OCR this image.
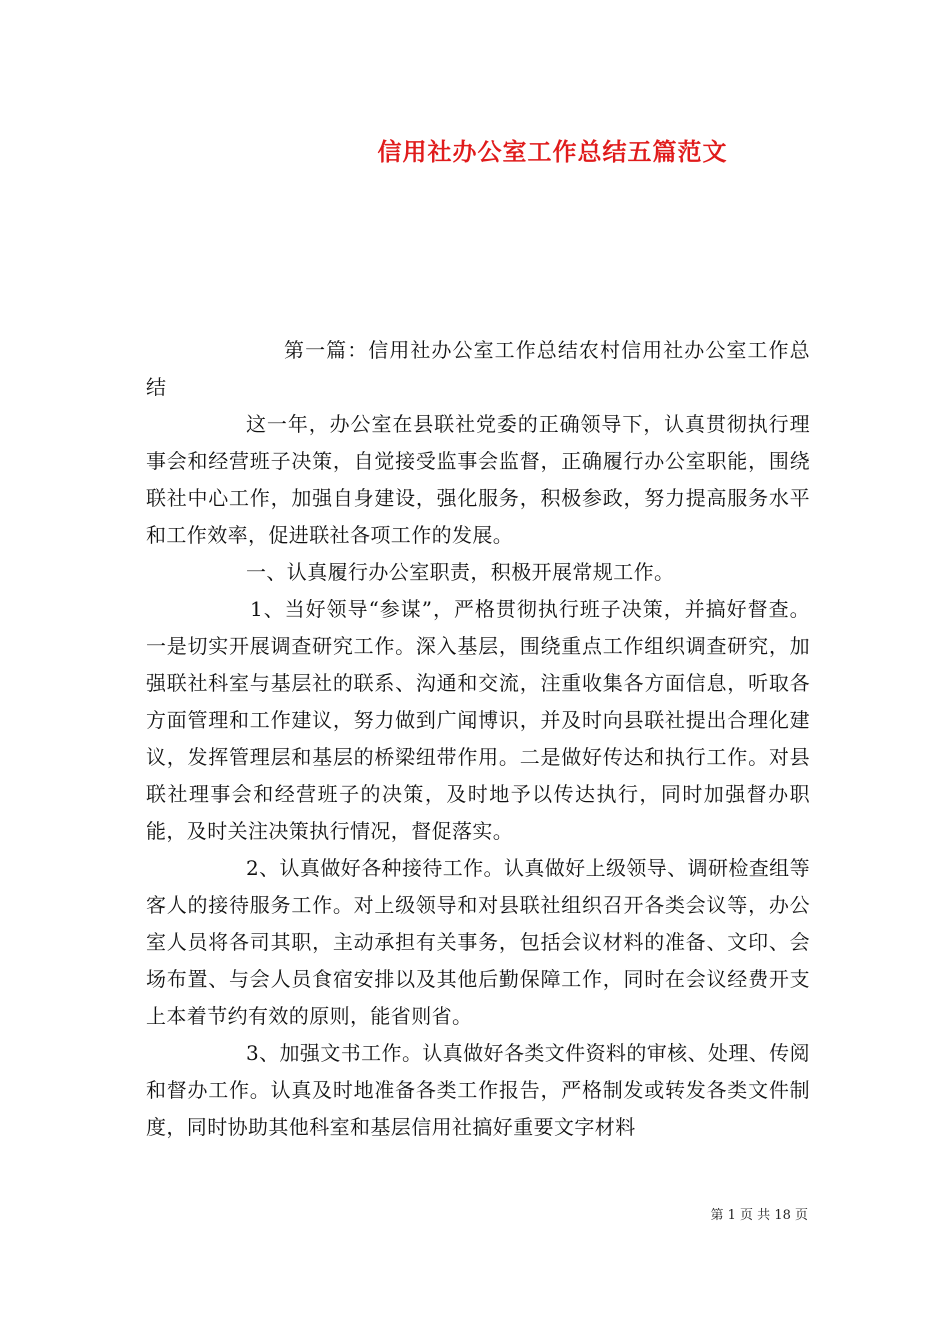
信用社办公室工作总结五篇范文

第一篇：信用社办公室工作总结农村信用社办公室工作总结

这一年，办公室在县联社党委的正确领导下，认真贯彻执行理事会和经营班子决策，自觉接受监事会监督，正确履行办公室职能，围绕联社中心工作，加强自身建设，强化服务，积极参政，努力提高服务水平和工作效率，促进联社各项工作的发展。

一、认真履行办公室职责，积极开展常规工作。

1、当好领导“参谋”，严格贯彻执行班子决策，并搞好督查。一是切实开展调查研究工作。深入基层，围绕重点工作组织调查研究，加强联社科室与基层社的联系、沟通和交流，注重收集各方面信息，听取各方面管理和工作建议，努力做到广闻博识，并及时向县联社提出合理化建议，发挥管理层和基层的桥梁纽带作用。二是做好传达和执行工作。对县联社理事会和经营班子的决策，及时地予以传达执行，同时加强督办职能，及时关注决策执行情况，督促落实。

2、认真做好各种接待工作。认真做好上级领导、调研检查组等客人的接待服务工作。对上级领导和对县联社组织召开各类会议等，办公室人员将各司其职，主动承担有关事务，包括会议材料的准备、文印、会场布置、与会人员食宿安排以及其他后勤保障工作，同时在会议经费开支上本着节约有效的原则，能省则省。

3、加强文书工作。认真做好各类文件资料的审核、处理、传阅和督办工作。认真及时地准备各类工作报告，严格制发或转发各类文件制度，同时协助其他科室和基层信用社搞好重要文字材料

第 1 页 共 18 页
